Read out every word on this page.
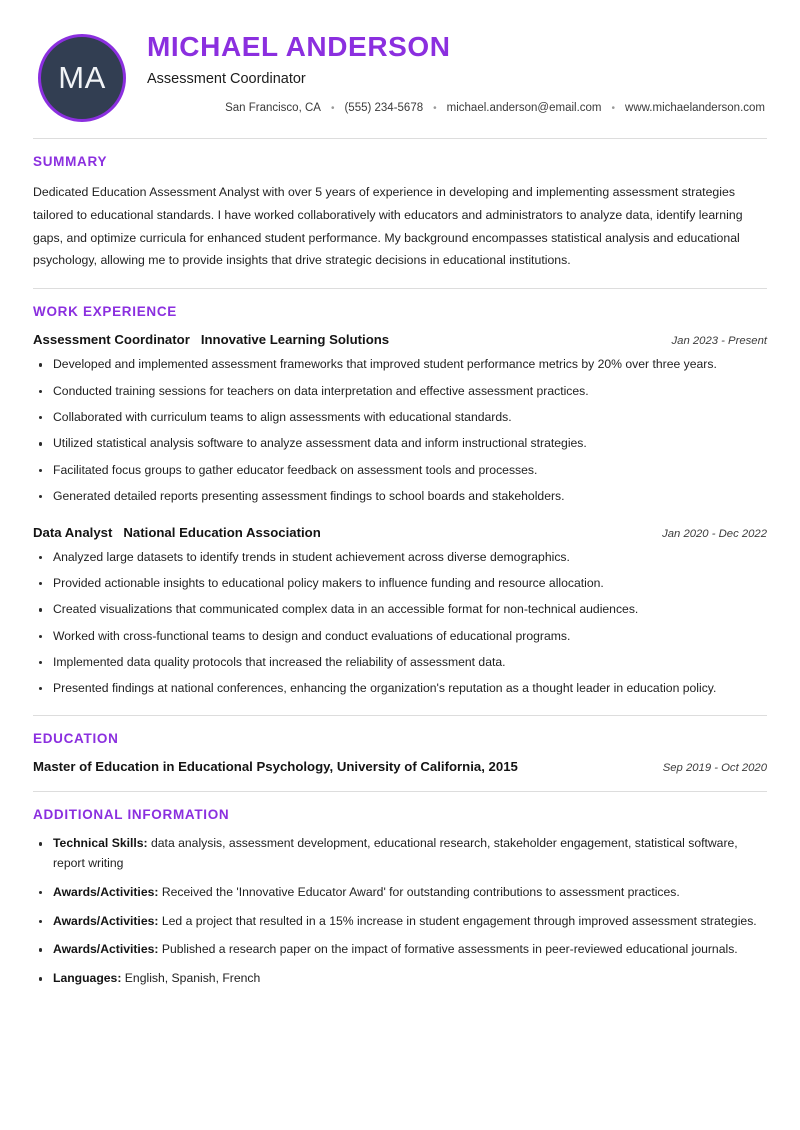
MA
MICHAEL ANDERSON
Assessment Coordinator
San Francisco, CA	• (555) 234-5678	• michael.anderson@email.com	• www.michaelanderson.com
SUMMARY

Dedicated Education Assessment Analyst with over 5 years of experience in developing and implementing assessment strategies tailored to educational standards. I have worked collaboratively with educators and administrators to analyze data, identify learning gaps, and optimize curricula for enhanced student performance. My background encompasses statistical analysis and educational psychology, allowing me to provide insights that drive strategic decisions in educational institutions.

WORK EXPERIENCE
Assessment Coordinator Innovative Learning Solutions	Jan 2023 - Present
Developed and implemented assessment frameworks that improved student performance metrics by 20% over three years.
Conducted training sessions for teachers on data interpretation and effective assessment practices.
Collaborated with curriculum teams to align assessments with educational standards.
Utilized statistical analysis software to analyze assessment data and inform instructional strategies.
Facilitated focus groups to gather educator feedback on assessment tools and processes.
Generated detailed reports presenting assessment findings to school boards and stakeholders.
Data Analyst National Education Association	Jan 2020 - Dec 2022
Analyzed large datasets to identify trends in student achievement across diverse demographics.
Provided actionable insights to educational policy makers to influence funding and resource allocation.
Created visualizations that communicated complex data in an accessible format for non-technical audiences.
Worked with cross-functional teams to design and conduct evaluations of educational programs.
Implemented data quality protocols that increased the reliability of assessment data.
Presented findings at national conferences, enhancing the organization's reputation as a thought leader in education policy.
EDUCATION
Master of Education in Educational Psychology, University of California, 2015	Sep 2019 - Oct 2020
ADDITIONAL INFORMATION
Technical Skills: data analysis, assessment development, educational research, stakeholder engagement, statistical software, report writing
Awards/Activities: Received the 'Innovative Educator Award' for outstanding contributions to assessment practices.
Awards/Activities: Led a project that resulted in a 15% increase in student engagement through improved assessment strategies.
Awards/Activities: Published a research paper on the impact of formative assessments in peer-reviewed educational journals.
Languages: English, Spanish, French
